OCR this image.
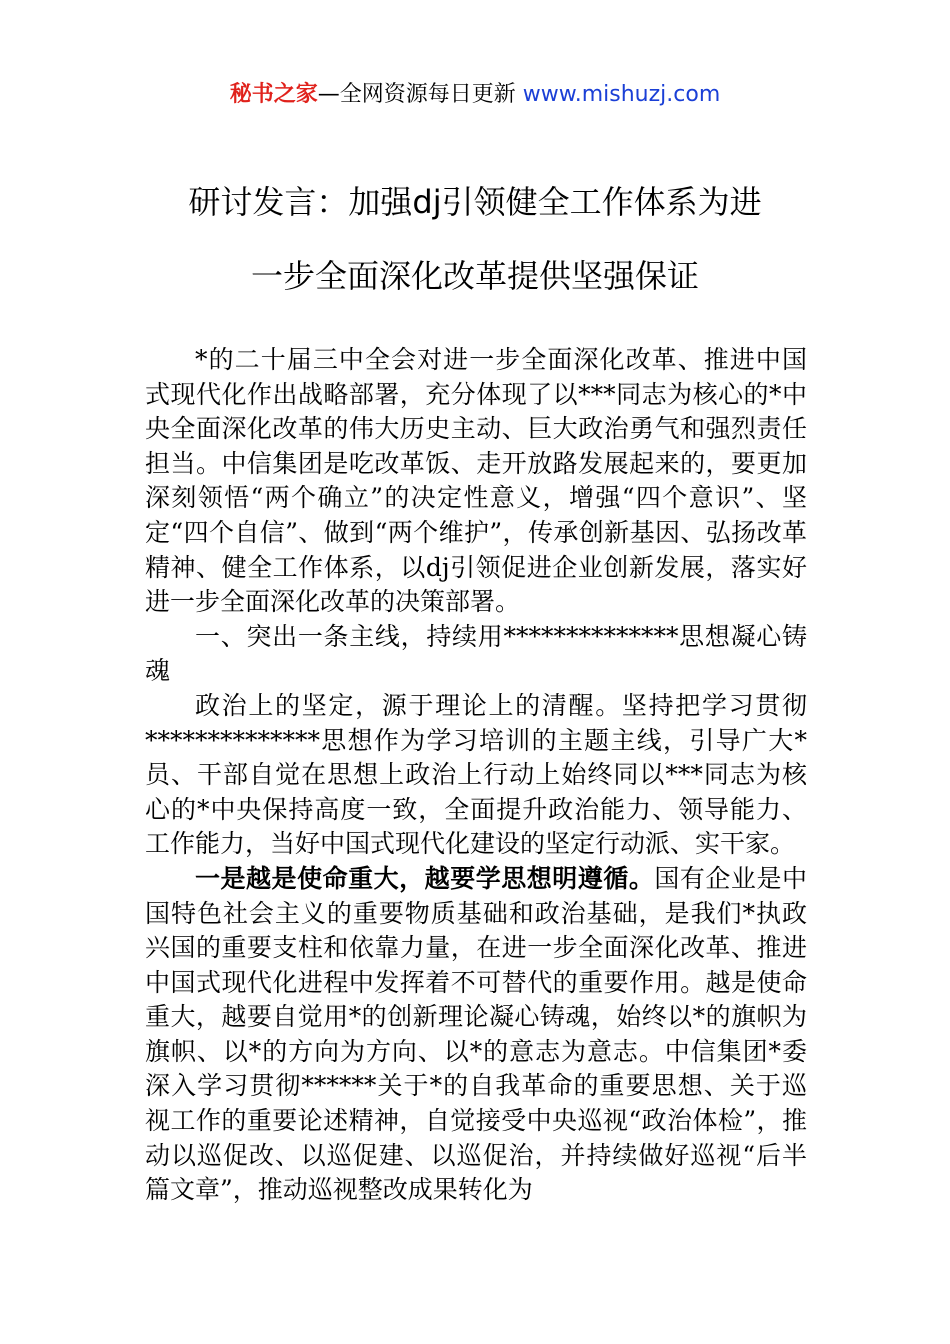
秘书之家—全网资源每日更新 www.mishuzj.com
研讨发言：加强dj引领健全工作体系为进
一步全面深化改革提供坚强保证

*的二十届三中全会对进一步全面深化改革、推进中国式现代化作出战略部署，充分体现了以***同志为核心的*中央全面深化改革的伟大历史主动、巨大政治勇气和强烈责任担当。中信集团是吃改革饭、走开放路发展起来的，要更加深刻领悟“两个确立”的决定性意义，增强“四个意识”、坚定“四个自信”、做到“两个维护”，传承创新基因、弘扬改革精神、健全工作体系，以dj引领促进企业创新发展，落实好进一步全面深化改革的决策部署。

一、突出一条主线，持续用**************思想凝心铸魂

政治上的坚定，源于理论上的清醒。坚持把学习贯彻**************思想作为学习培训的主题主线，引导广大*员、干部自觉在思想上政治上行动上始终同以***同志为核心的*中央保持高度一致，全面提升政治能力、领导能力、工作能力，当好中国式现代化建设的坚定行动派、实干家。

一是越是使命重大，越要学思想明遵循。国有企业是中国特色社会主义的重要物质基础和政治基础，是我们*执政兴国的重要支柱和依靠力量，在进一步全面深化改革、推进中国式现代化进程中发挥着不可替代的重要作用。越是使命重大，越要自觉用*的创新理论凝心铸魂，始终以*的旗帜为旗帜、以*的方向为方向、以*的意志为意志。中信集团*委深入学习贯彻******关于*的自我革命的重要思想、关于巡视工作的重要论述精神，自觉接受中央巡视“政治体检”，推动以巡促改、以巡促建、以巡促治，并持续做好巡视“后半篇文章”，推动巡视整改成果转化为
